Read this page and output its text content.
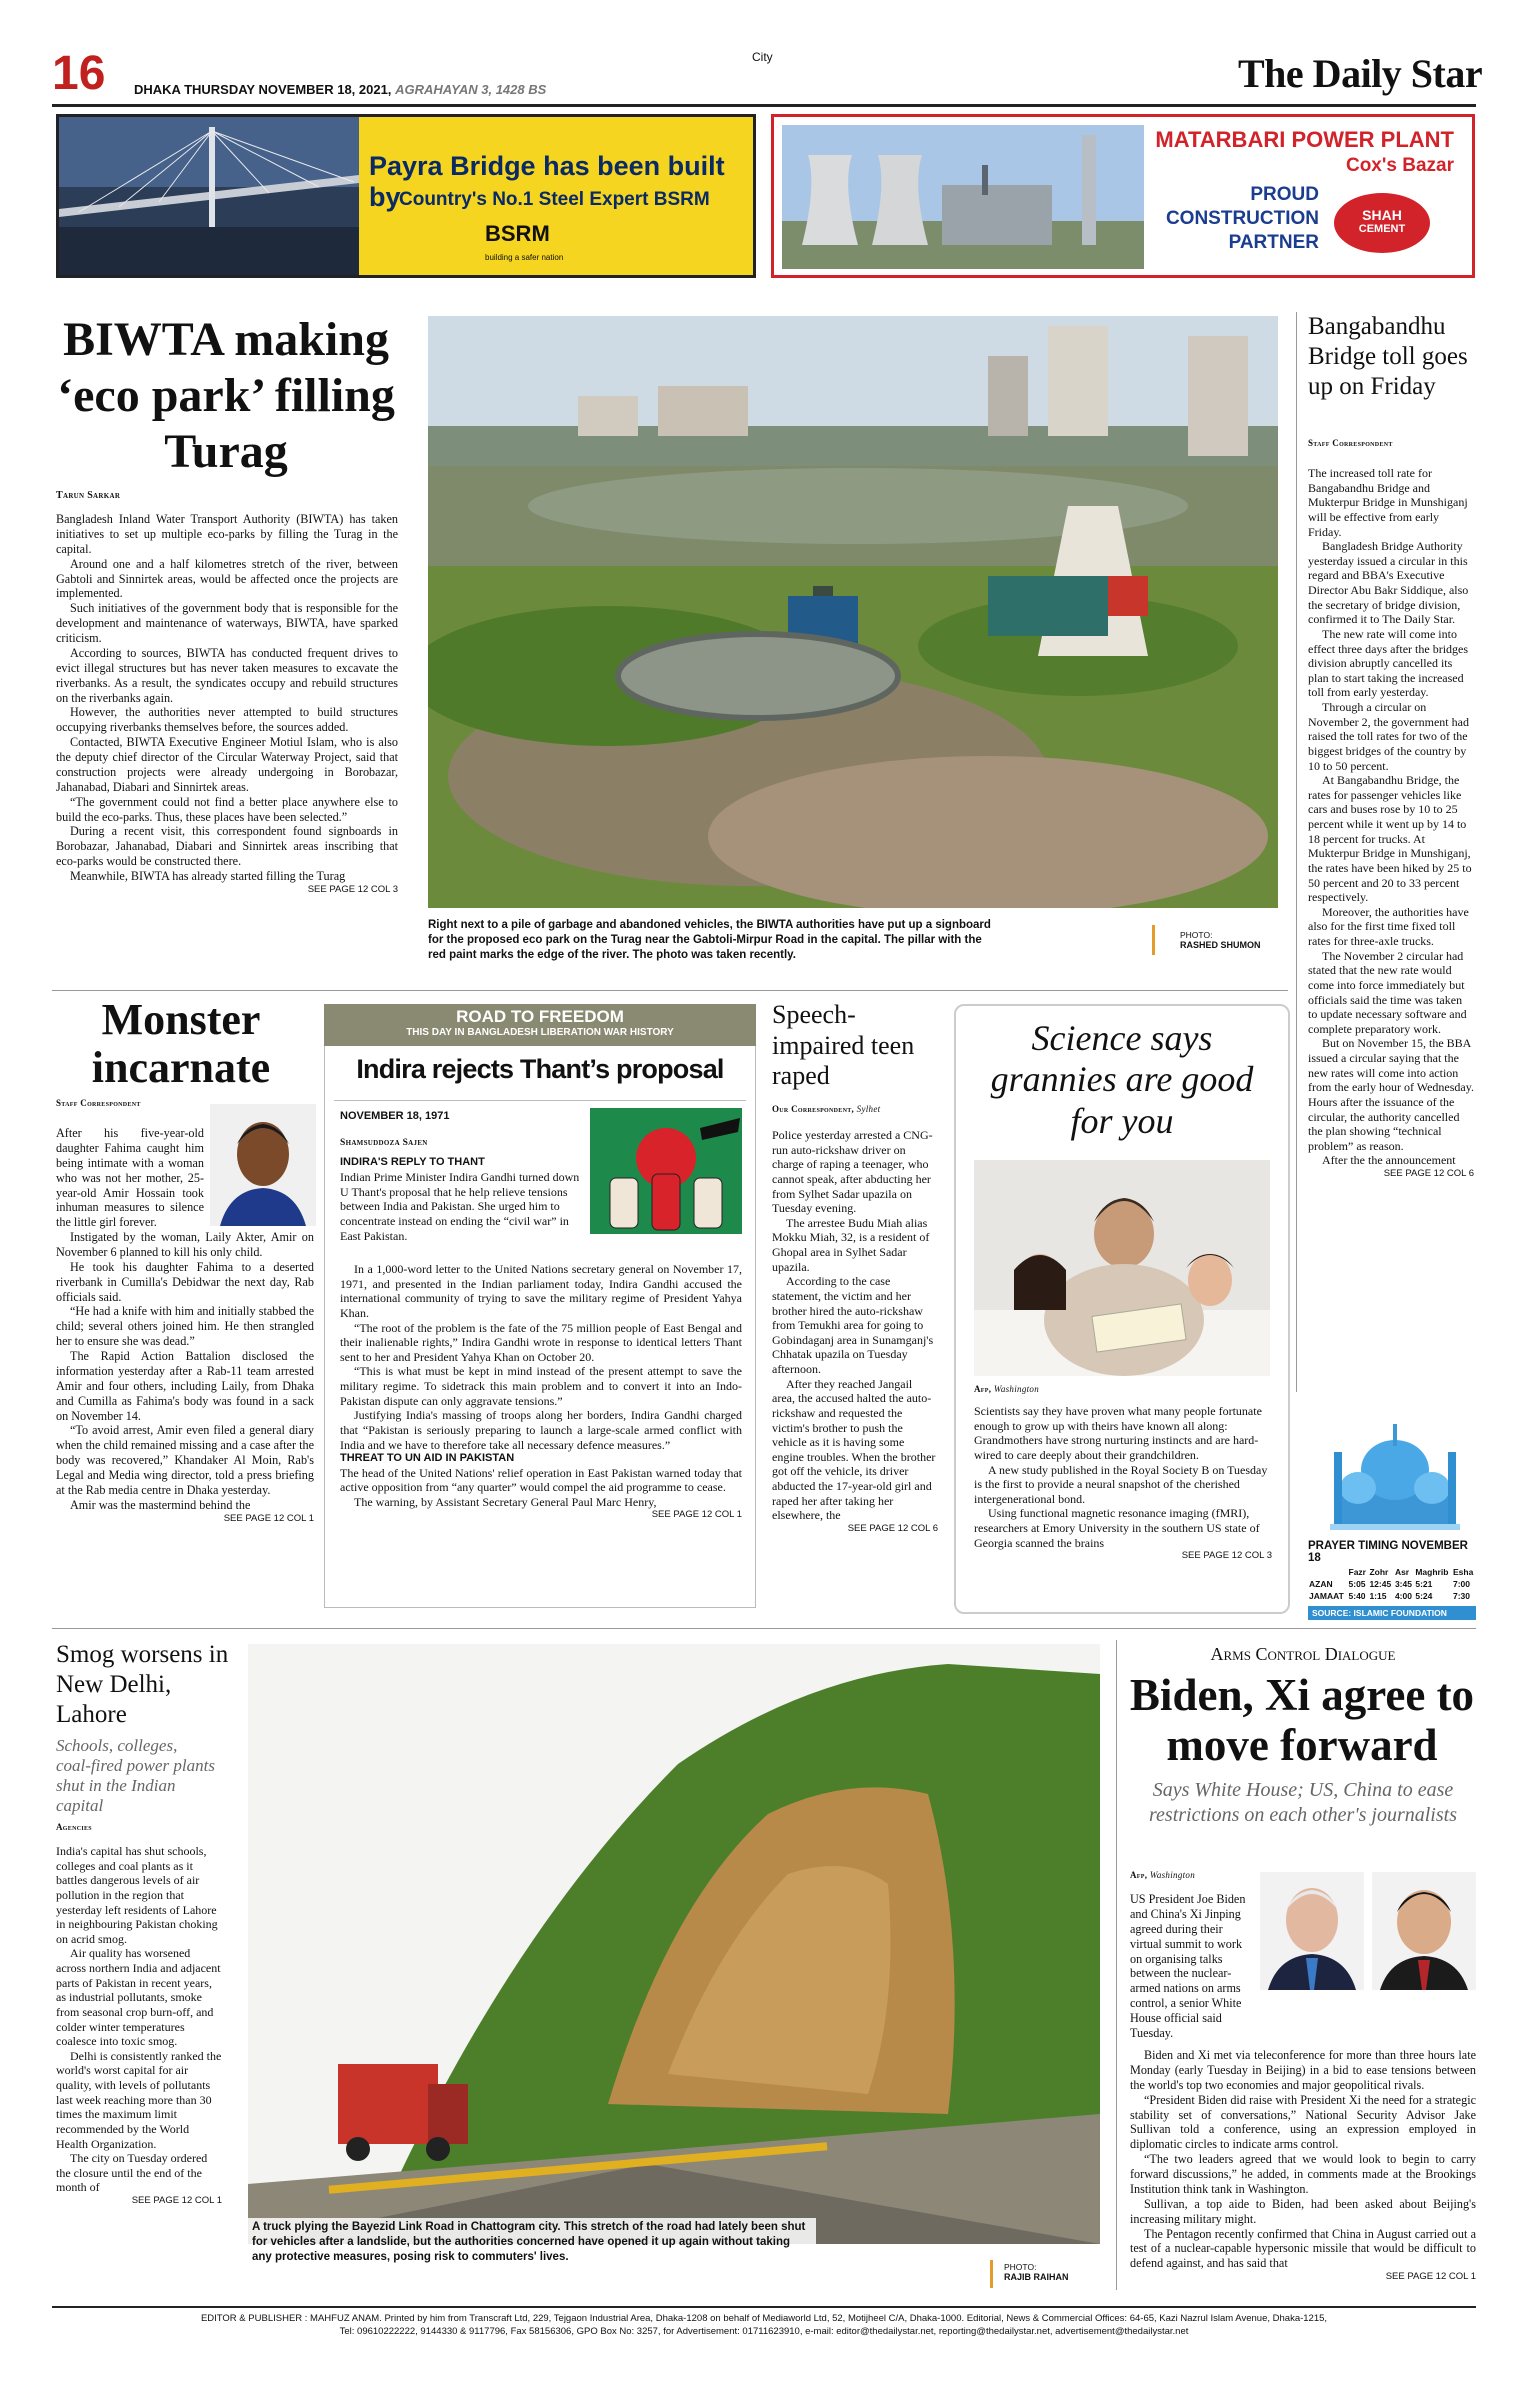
16 DHAKA THURSDAY NOVEMBER 18, 2021, AGRAHAYAN 3, 1428 BS
City	The Daily Star
Payra Bridge has been built by
Country's No.1 Steel Expert BSRM
BSRM
building a safer nation
MATARBARI POWER PLANT
Cox's Bazar
PROUD
CONSTRUCTION
PARTNER
SHAH
CEMENT
BIWTA making ‘eco park’ filling Turag
Tarun Sarkar

Bangladesh Inland Water Transport Authority (BIWTA) has taken initiatives to set up multiple eco-parks by filling the Turag in the capital.

Around one and a half kilometres stretch of the river, between Gabtoli and Sinnirtek areas, would be affected once the projects are implemented.

Such initiatives of the government body that is responsible for the development and maintenance of waterways, BIWTA, have sparked criticism.

According to sources, BIWTA has conducted frequent drives to evict illegal structures but has never taken measures to excavate the riverbanks. As a result, the syndicates occupy and rebuild structures on the riverbanks again.

However, the authorities never attempted to build structures occupying riverbanks themselves before, the sources added.

Contacted, BIWTA Executive Engineer Motiul Islam, who is also the deputy chief director of the Circular Waterway Project, said that construction projects were already undergoing in Borobazar, Jahanabad, Diabari and Sinnirtek areas.

“The government could not find a better place anywhere else to build the eco-parks. Thus, these places have been selected.”

During a recent visit, this correspondent found signboards in Borobazar, Jahanabad, Diabari and Sinnirtek areas inscribing that eco-parks would be constructed there.

Meanwhile, BIWTA has already started filling the Turag

SEE PAGE 12 COL 3
Right next to a pile of garbage and abandoned vehicles, the BIWTA authorities have put up a signboard for the proposed eco park on the Turag near the Gabtoli-Mirpur Road in the capital. The pillar with the red paint marks the edge of the river. The photo was taken recently.
PHOTO:
RASHED SHUMON
Bangabandhu Bridge toll goes up on Friday
Staff Correspondent

The increased toll rate for Bangabandhu Bridge and Mukterpur Bridge in Munshiganj will be effective from early Friday.

Bangladesh Bridge Authority yesterday issued a circular in this regard and BBA's Executive Director Abu Bakr Siddique, also the secretary of bridge division, confirmed it to The Daily Star.

The new rate will come into effect three days after the bridges division abruptly cancelled its plan to start taking the increased toll from early yesterday.

Through a circular on November 2, the government had raised the toll rates for two of the biggest bridges of the country by 10 to 50 percent.

At Bangabandhu Bridge, the rates for passenger vehicles like cars and buses rose by 10 to 25 percent while it went up by 14 to 18 percent for trucks. At Mukterpur Bridge in Munshiganj, the rates have been hiked by 25 to 50 percent and 20 to 33 percent respectively.

Moreover, the authorities have also for the first time fixed toll rates for three-axle trucks.

The November 2 circular had stated that the new rate would come into force immediately but officials said the time was taken to update necessary software and complete preparatory work.

But on November 15, the BBA issued a circular saying that the new rates will come into action from the early hour of Wednesday. Hours after the issuance of the circular, the authority cancelled the plan showing “technical problem” as reason.

After the the announcement

SEE PAGE 12 COL 6
PRAYER TIMING NOVEMBER 18
	Fazr	Zohr	Asr	Maghrib	Esha
AZAN	5:05	12:45	3:45	5:21	7:00
JAMAAT	5:40	1:15	4:00	5:24	7:30
SOURCE: ISLAMIC FOUNDATION
Monster incarnate
Staff Correspondent
After his five-year-old daughter Fahima caught him being intimate with a woman who was not her mother, 25-year-old Amir Hossain took inhuman measures to silence the little girl forever.

Instigated by the woman, Laily Akter, Amir on November 6 planned to kill his only child.

He took his daughter Fahima to a deserted riverbank in Cumilla's Debidwar the next day, Rab officials said.

“He had a knife with him and initially stabbed the child; several others joined him. He then strangled her to ensure she was dead.”

The Rapid Action Battalion disclosed the information yesterday after a Rab-11 team arrested Amir and four others, including Laily, from Dhaka and Cumilla as Fahima's body was found in a sack on November 14.

“To avoid arrest, Amir even filed a general diary when the child remained missing and a case after the body was recovered,” Khandaker Al Moin, Rab's Legal and Media wing director, told a press briefing at the Rab media centre in Dhaka yesterday.

Amir was the mastermind behind the

SEE PAGE 12 COL 1
ROAD TO FREEDOM
THIS DAY IN BANGLADESH LIBERATION WAR HISTORY
Indira rejects Thant’s proposal
NOVEMBER 18, 1971
Shamsuddoza Sajen
INDIRA'S REPLY TO THANT
Indian Prime Minister Indira Gandhi turned down U Thant's proposal that he help relieve tensions between India and Pakistan. She urged him to concentrate instead on ending the “civil war” in East Pakistan.

In a 1,000-word letter to the United Nations secretary general on November 17, 1971, and presented in the Indian parliament today, Indira Gandhi accused the international community of trying to save the military regime of President Yahya Khan.

“The root of the problem is the fate of the 75 million people of East Bengal and their inalienable rights,” Indira Gandhi wrote in response to identical letters Thant sent to her and President Yahya Khan on October 20.

“This is what must be kept in mind instead of the present attempt to save the military regime. To sidetrack this main problem and to convert it into an Indo-Pakistan dispute can only aggravate tensions.”

Justifying India's massing of troops along her borders, Indira Gandhi charged that “Pakistan is seriously preparing to launch a large-scale armed conflict with India and we have to therefore take all necessary defence measures.”

THREAT TO UN AID IN PAKISTAN

The head of the United Nations' relief operation in East Pakistan warned today that active opposition from “any quarter” would compel the aid programme to cease.

The warning, by Assistant Secretary General Paul Marc Henry,

SEE PAGE 12 COL 1
Speech-impaired teen raped
Our Correspondent, Sylhet

Police yesterday arrested a CNG-run auto-rickshaw driver on charge of raping a teenager, who cannot speak, after abducting her from Sylhet Sadar upazila on Tuesday evening.

The arrestee Budu Miah alias Mokku Miah, 32, is a resident of Ghopal area in Sylhet Sadar upazila.

According to the case statement, the victim and her brother hired the auto-rickshaw from Temukhi area for going to Gobindaganj area in Sunamganj's Chhatak upazila on Tuesday afternoon.

After they reached Jangail area, the accused halted the auto-rickshaw and requested the victim's brother to push the vehicle as it is having some engine troubles. When the brother got off the vehicle, its driver abducted the 17-year-old girl and raped her after taking her elsewhere, the

SEE PAGE 12 COL 6
Science says grannies are good for you
Afp, Washington

Scientists say they have proven what many people fortunate enough to grow up with theirs have known all along: Grandmothers have strong nurturing instincts and are hard-wired to care deeply about their grandchildren.

A new study published in the Royal Society B on Tuesday is the first to provide a neural snapshot of the cherished intergenerational bond.

Using functional magnetic resonance imaging (fMRI), researchers at Emory University in the southern US state of Georgia scanned the brains

SEE PAGE 12 COL 3
Smog worsens in New Delhi, Lahore
Schools, colleges, coal-fired power plants shut in the Indian capital
Agencies

India's capital has shut schools, colleges and coal plants as it battles dangerous levels of air pollution in the region that yesterday left residents of Lahore in neighbouring Pakistan choking on acrid smog.

Air quality has worsened across northern India and adjacent parts of Pakistan in recent years, as industrial pollutants, smoke from seasonal crop burn-off, and colder winter temperatures coalesce into toxic smog.

Delhi is consistently ranked the world's worst capital for air quality, with levels of pollutants last week reaching more than 30 times the maximum limit recommended by the World Health Organization.

The city on Tuesday ordered the closure until the end of the month of

SEE PAGE 12 COL 1
A truck plying the Bayezid Link Road in Chattogram city. This stretch of the road had lately been shut for vehicles after a landslide, but the authorities concerned have opened it up again without taking any protective measures, posing risk to commuters' lives.
PHOTO:
RAJIB RAIHAN
Arms Control Dialogue
Biden, Xi agree to move forward
Says White House; US, China to ease restrictions on each other's journalists
Afp, Washington
US President Joe Biden and China's Xi Jinping agreed during their virtual summit to work on organising talks between the nuclear-armed nations on arms control, a senior White House official said Tuesday.

Biden and Xi met via teleconference for more than three hours late Monday (early Tuesday in Beijing) in a bid to ease tensions between the world's top two economies and major geopolitical rivals.

“President Biden did raise with President Xi the need for a strategic stability set of conversations,” National Security Advisor Jake Sullivan told a conference, using an expression employed in diplomatic circles to indicate arms control.

“The two leaders agreed that we would look to begin to carry forward discussions,” he added, in comments made at the Brookings Institution think tank in Washington.

Sullivan, a top aide to Biden, had been asked about Beijing's increasing military might.

The Pentagon recently confirmed that China in August carried out a test of a nuclear-capable hypersonic missile that would be difficult to defend against, and has said that

SEE PAGE 12 COL 1
EDITOR & PUBLISHER : MAHFUZ ANAM. Printed by him from Transcraft Ltd, 229, Tejgaon Industrial Area, Dhaka-1208 on behalf of Mediaworld Ltd, 52, Motijheel C/A, Dhaka-1000. Editorial, News & Commercial Offices: 64-65, Kazi Nazrul Islam Avenue, Dhaka-1215,
Tel: 09610222222, 9144330 & 9117796, Fax 58156306, GPO Box No: 3257, for Advertisement: 01711623910, e-mail: editor@thedailystar.net, reporting@thedailystar.net, advertisement@thedailystar.net
